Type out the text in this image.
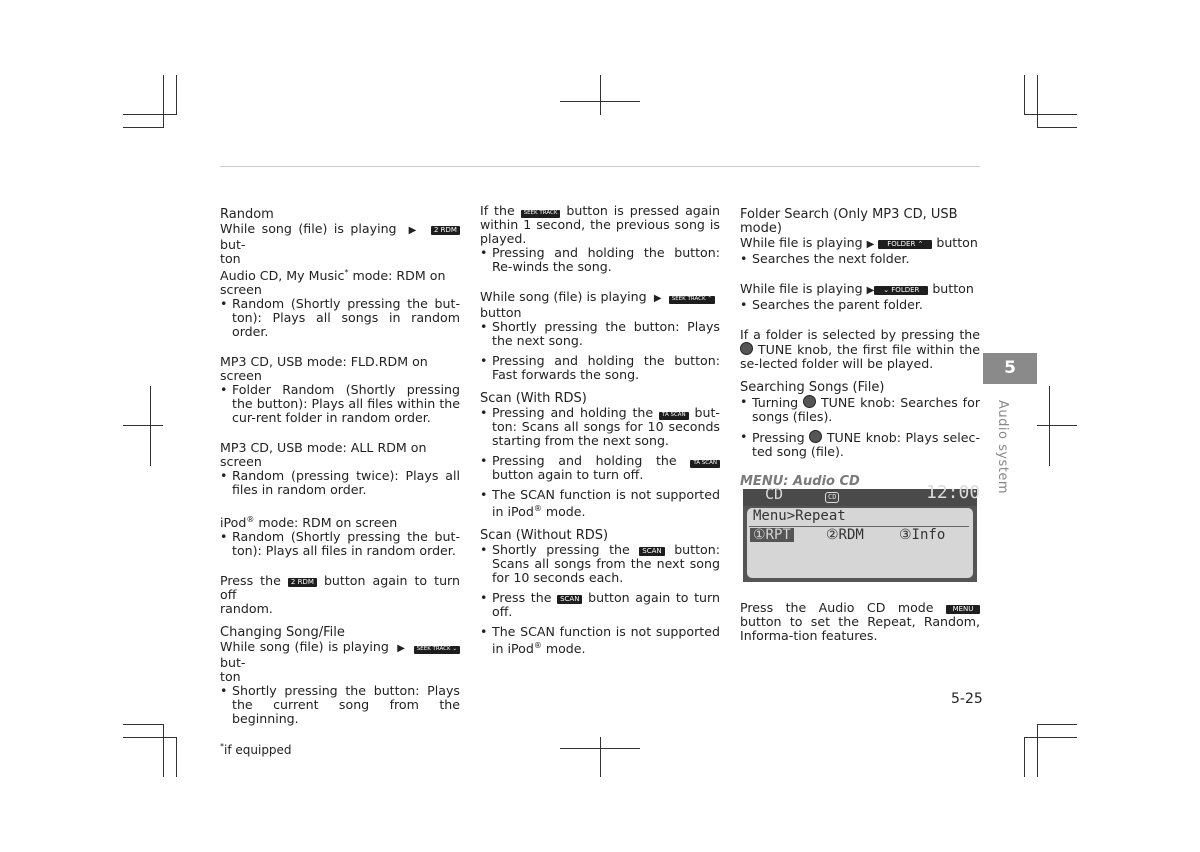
Random

While song (file) is playing  ▶  2 RDM but-
ton

Audio CD, My Music* mode: RDM on
screen

• Random (Shortly pressing the but-ton): Plays all songs in random order.

MP3 CD, USB mode: FLD.RDM on screen

• Folder Random (Shortly pressing the button): Plays all files within the cur-rent folder in random order.

MP3 CD, USB mode: ALL RDM on screen

• Random (pressing twice): Plays all files in random order.

iPod® mode: RDM on screen

• Random (Shortly pressing the but-ton): Plays all files in random order.

Press the 2 RDM button again to turn off
random.

Changing Song/File

While song (file) is playing  ▶  SEEK TRACK ⌄ but-
ton

• Shortly pressing the button: Plays the current song from the beginning.

*if equipped

If the SEEK TRACK button is pressed again within 1 second, the previous song is played.

• Pressing and holding the button: Re-winds the song.

While song (file) is playing  ▶  SEEK TRACK ⌃
button

• Shortly pressing the button: Plays the next song.
• Pressing and holding the button: Fast forwards the song.

Scan (With RDS)

• Pressing and holding the TA SCAN but- ton: Scans all songs for 10 seconds starting from the next song.
• Pressing and holding the	TA SCAN button again to turn off.
• The SCAN function is not supported in iPod® mode.

Scan (Without RDS)

• Shortly pressing the SCAN button: Scans all songs from the next song for 10 seconds each.
• Press the SCAN button again to turn off.
• The SCAN function is not supported in iPod® mode.

Folder Search (Only MP3 CD, USB mode)

While file is playing ▶ FOLDER ⌃ button

• Searches the next folder.

While file is playing ▶ ⌄ FOLDER button

• Searches the parent folder.

If a folder is selected by pressing the  TUNE knob, the first file within the se-lected folder will be played.

Searching Songs (File)

• Turning TUNE knob: Searches for songs (files).
• Pressing TUNE knob: Plays selec-ted song (file).

MENU: Audio CD

CD	CD	12:00
Menu>Repeat
①RPT	②RDM	③Info

Press the Audio CD mode	MENU button to set the Repeat, Random, Informa-tion features.

5
Audio system
5-25
